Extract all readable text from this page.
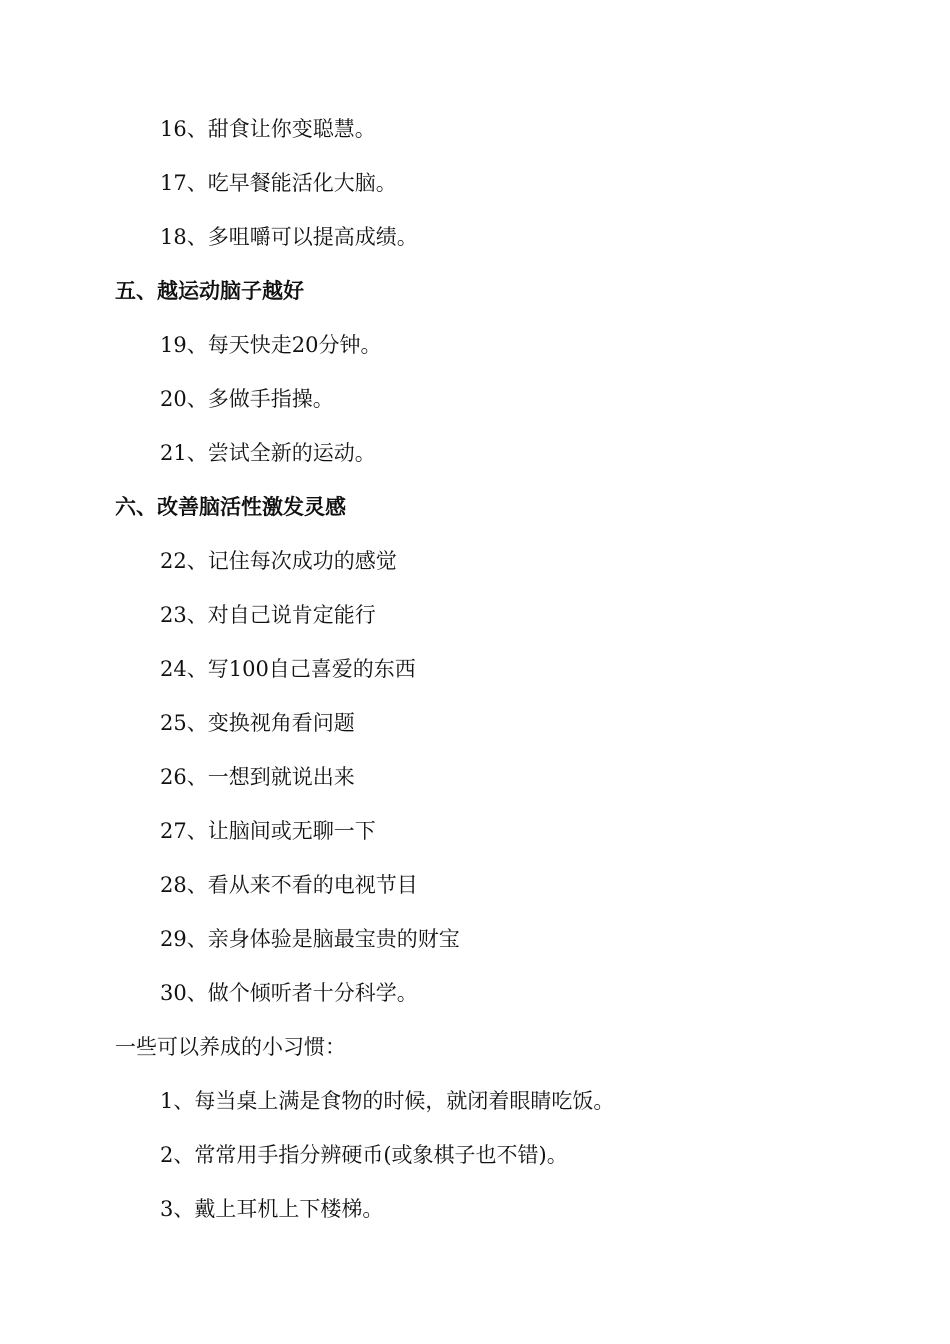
16、甜食让你变聪慧。
17、吃早餐能活化大脑。
18、多咀嚼可以提高成绩。
五、越运动脑子越好
19、每天快走20分钟。
20、多做手指操。
21、尝试全新的运动。
六、改善脑活性激发灵感
22、记住每次成功的感觉
23、对自己说肯定能行
24、写100自己喜爱的东西
25、变换视角看问题
26、一想到就说出来
27、让脑间或无聊一下
28、看从来不看的电视节目
29、亲身体验是脑最宝贵的财宝
30、做个倾听者十分科学。
一些可以养成的小习惯：
1、每当桌上满是食物的时候，就闭着眼睛吃饭。
2、常常用手指分辨硬币(或象棋子也不错)。
3、戴上耳机上下楼梯。
